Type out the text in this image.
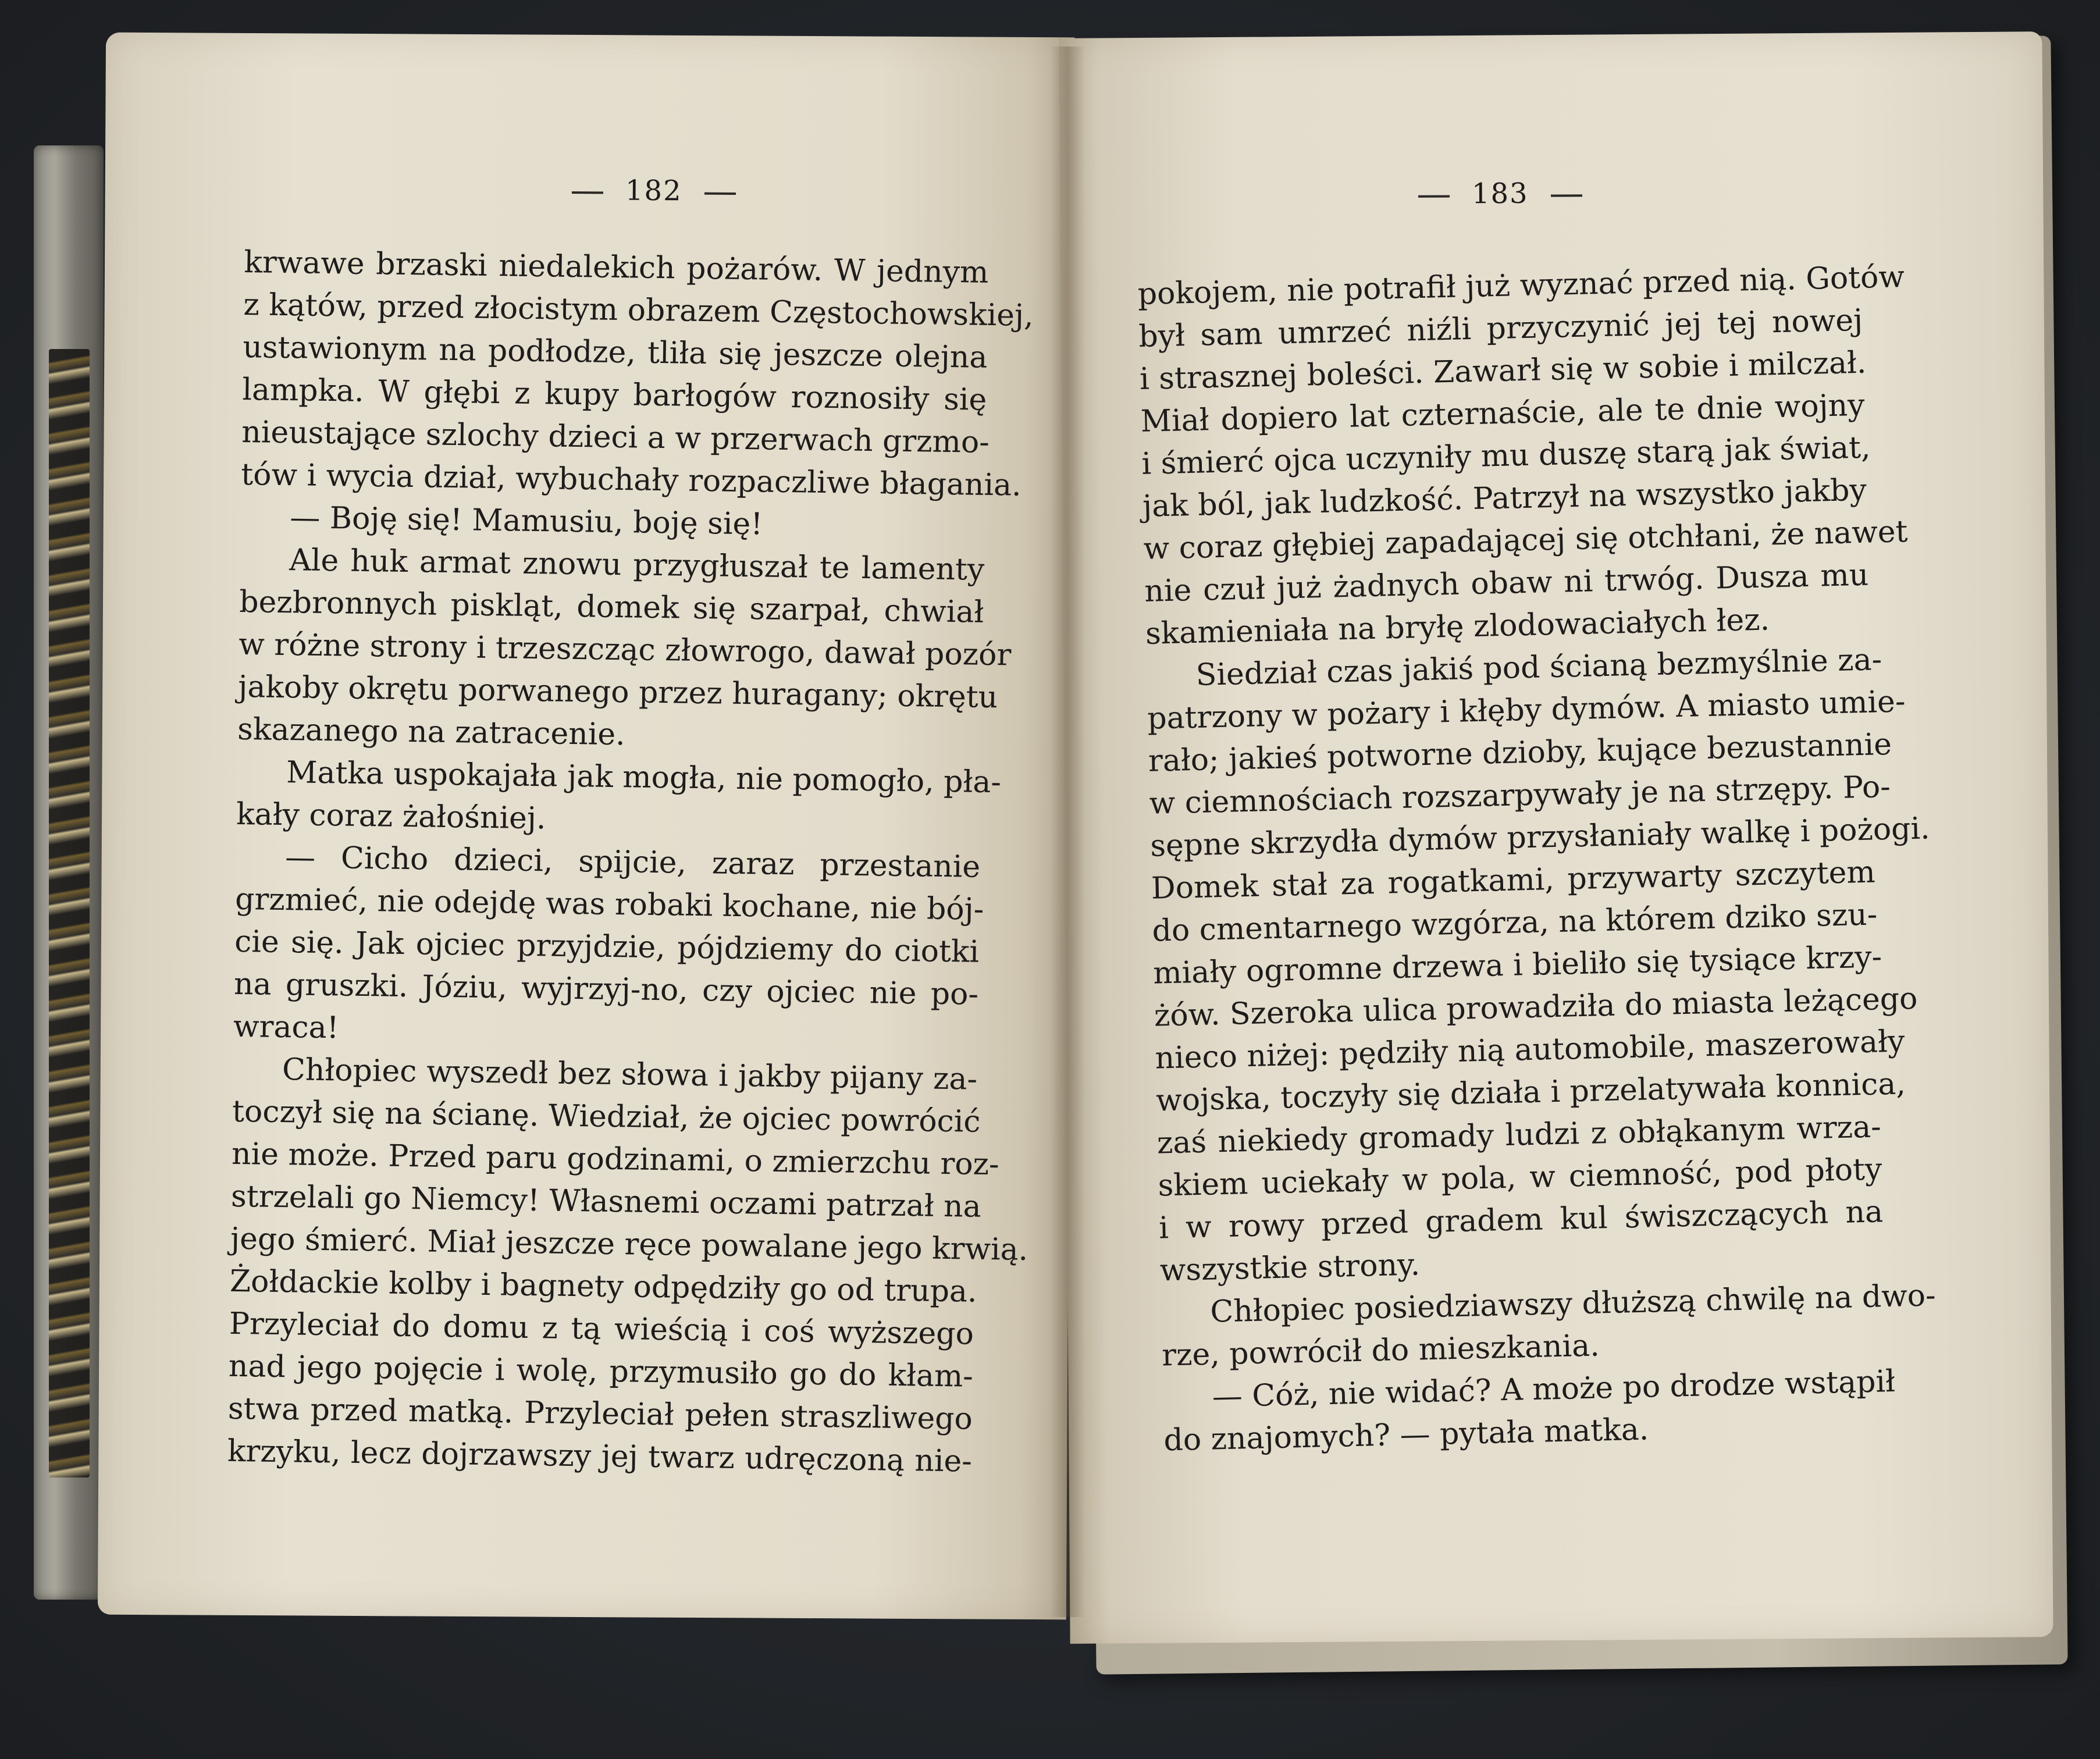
182	183
krwawe brzaski niedalekich pożarów. W jednym
z kątów, przed złocistym obrazem Częstochowskiej,
ustawionym na podłodze, tliła się jeszcze olejna
lampka. W głębi z kupy barłogów roznosiły się
nieustające szlochy dzieci a w przerwach grzmo-
tów i wycia dział, wybuchały rozpaczliwe błagania.
— Boję się! Mamusiu, boję się!
Ale huk armat znowu przygłuszał te lamenty
bezbronnych piskląt, domek się szarpał, chwiał
w różne strony i trzeszcząc złowrogo, dawał pozór
jakoby okrętu porwanego przez huragany; okrętu
skazanego na zatracenie.
Matka uspokajała jak mogła, nie pomogło, pła-
kały coraz żałośniej.
— Cicho dzieci, spijcie, zaraz przestanie
grzmieć, nie odejdę was robaki kochane, nie bój-
cie się. Jak ojciec przyjdzie, pójdziemy do ciotki
na gruszki. Józiu, wyjrzyj-no, czy ojciec nie po-
wraca!
Chłopiec wyszedł bez słowa i jakby pijany za-
toczył się na ścianę. Wiedział, że ojciec powrócić
nie może. Przed paru godzinami, o zmierzchu roz-
strzelali go Niemcy! Własnemi oczami patrzał na
jego śmierć. Miał jeszcze ręce powalane jego krwią.
Żołdackie kolby i bagnety odpędziły go od trupa.
Przyleciał do domu z tą wieścią i coś wyższego
nad jego pojęcie i wolę, przymusiło go do kłam-
stwa przed matką. Przyleciał pełen straszliwego
krzyku, lecz dojrzawszy jej twarz udręczoną nie-
pokojem, nie potrafił już wyznać przed nią. Gotów
był sam umrzeć niźli przyczynić jej tej nowej
i strasznej boleści. Zawarł się w sobie i milczał.
Miał dopiero lat czternaście, ale te dnie wojny
i śmierć ojca uczyniły mu duszę starą jak świat,
jak ból, jak ludzkość. Patrzył na wszystko jakby
w coraz głębiej zapadającej się otchłani, że nawet
nie czuł już żadnych obaw ni trwóg. Dusza mu
skamieniała na bryłę zlodowaciałych łez.
Siedział czas jakiś pod ścianą bezmyślnie za-
patrzony w pożary i kłęby dymów. A miasto umie-
rało; jakieś potworne dzioby, kujące bezustannie
w ciemnościach rozszarpywały je na strzępy. Po-
sępne skrzydła dymów przysłaniały walkę i pożogi.
Domek stał za rogatkami, przywarty szczytem
do cmentarnego wzgórza, na którem dziko szu-
miały ogromne drzewa i bieliło się tysiące krzy-
żów. Szeroka ulica prowadziła do miasta leżącego
nieco niżej: pędziły nią automobile, maszerowały
wojska, toczyły się działa i przelatywała konnica,
zaś niekiedy gromady ludzi z obłąkanym wrza-
skiem uciekały w pola, w ciemność, pod płoty
i w rowy przed gradem kul świszczących na
wszystkie strony.
Chłopiec posiedziawszy dłuższą chwilę na dwo-
rze, powrócił do mieszkania.
— Cóż, nie widać? A może po drodze wstąpił
do znajomych? — pytała matka.
